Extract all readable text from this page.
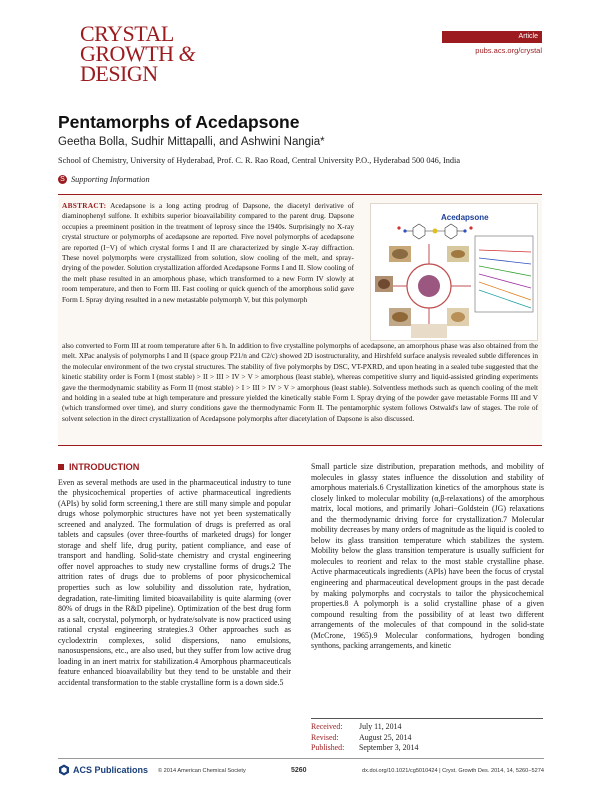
CRYSTAL
GROWTH &
DESIGN
Article
pubs.acs.org/crystal
Pentamorphs of Acedapsone
Geetha Bolla, Sudhir Mittapalli, and Ashwini Nangia*
School of Chemistry, University of Hyderabad, Prof. C. R. Rao Road, Central University P.O., Hyderabad 500 046, India
S Supporting Information
ABSTRACT: Acedapsone is a long acting prodrug of Dapsone, the diacetyl derivative of diaminophenyl sulfone. It exhibits superior bioavailability compared to the parent drug. Dapsone occupies a preeminent position in the treatment of leprosy since the 1940s. Surprisingly no X-ray crystal structure or polymorphs of acedapsone are reported. Five novel polymorphs of acedapsone are reported (I−V) of which crystal forms I and II are characterized by single X-ray diffraction. These novel polymorphs were crystallized from solution, slow cooling of the melt, and spray-drying of the powder. Solution crystallization afforded Acedapsone Forms I and II. Slow cooling of the melt phase resulted in an amorphous phase, which transformed to a new Form IV slowly at room temperature, and then to Form III. Fast cooling or quick quench of the amorphous solid gave Form I. Spray drying resulted in a new metastable polymorph V, but this polymorph
Acedapsone
also converted to Form III at room temperature after 6 h. In addition to five crystalline polymorphs of acedapsone, an amorphous phase was also obtained from the melt. XPac analysis of polymorphs I and II (space group P21/n and C2/c) showed 2D isostructurality, and Hirshfeld surface analysis revealed subtle differences in the molecular environment of the two crystal structures. The stability of five polymorphs by DSC, VT-PXRD, and upon heating in a sealed tube suggested that the kinetic stability order is Form I (most stable) > II > III > IV > V > amorphous (least stable), whereas competitive slurry and liquid-assisted grinding experiments gave the thermodynamic stability as Form II (most stable) > I > III > IV > V > amorphous (least stable). Solventless methods such as quench cooling of the melt and holding in a sealed tube at high temperature and pressure yielded the kinetically stable Form I. Spray drying of the powder gave metastable Forms III and V (which transformed over time), and slurry conditions gave the thermodynamic Form II. The pentamorphic system follows Ostwald's law of stages. The role of solvent selection in the direct crystallization of Acedapsone polymorphs after diacetylation of Dapsone is also discussed.
INTRODUCTION

Even as several methods are used in the pharmaceutical industry to tune the physicochemical properties of active pharmaceutical ingredients (APIs) by solid form screening,1 there are still many simple and popular drugs whose polymorphic structures have not yet been systematically screened and analyzed. The formulation of drugs is preferred as oral tablets and capsules (over three-fourths of marketed drugs) for longer storage and shelf life, drug purity, patient compliance, and ease of transport and handling. Solid-state chemistry and crystal engineering offer novel approaches to study new crystalline forms of drugs.2 The attrition rates of drugs due to problems of poor physicochemical properties such as low solubility and dissolution rate, hydration, degradation, rate-limiting limited bioavailability is quite alarming (over 80% of drugs in the R&D pipeline). Optimization of the best drug form as a salt, cocrystal, polymorph, or hydrate/solvate is now practiced using rational crystal engineering strategies.3 Other approaches such as cyclodextrin complexes, solid dispersions, nano emulsions, nanosuspensions, etc., are also used, but they suffer from low active drug loading in an inert matrix for stabilization.4 Amorphous pharmaceuticals feature enhanced bioavailability but they tend to be unstable and their accidental transformation to the stable crystalline form is a down side.5

Small particle size distribution, preparation methods, and mobility of molecules in glassy states influence the dissolution and stability of amorphous materials.6 Crystallization kinetics of the amorphous state is closely linked to molecular mobility (α,β-relaxations) of the amorphous matrix, local motions, and primarily Johari−Goldstein (JG) relaxations and the thermodynamic driving force for crystallization.7 Molecular mobility decreases by many orders of magnitude as the liquid is cooled to below its glass transition temperature which stabilizes the system. Mobility below the glass transition temperature is usually sufficient for molecules to reorient and relax to the most stable crystalline phase. Active pharmaceuticals ingredients (APIs) have been the focus of crystal engineering and pharmaceutical development groups in the past decade by making polymorphs and cocrystals to tailor the physicochemical properties.8 A polymorph is a solid crystalline phase of a given compound resulting from the possibility of at least two different arrangements of the molecules of that compound in the solid-state (McCrone, 1965).9 Molecular conformations, hydrogen bonding synthons, packing arrangements, and kinetic

Received: July 11, 2014
Revised:	August 25, 2014
Published: September 3, 2014
ACS Publications © 2014 American Chemical Society	5260	dx.doi.org/10.1021/cg5010424 | Cryst. Growth Des. 2014, 14, 5260−5274
